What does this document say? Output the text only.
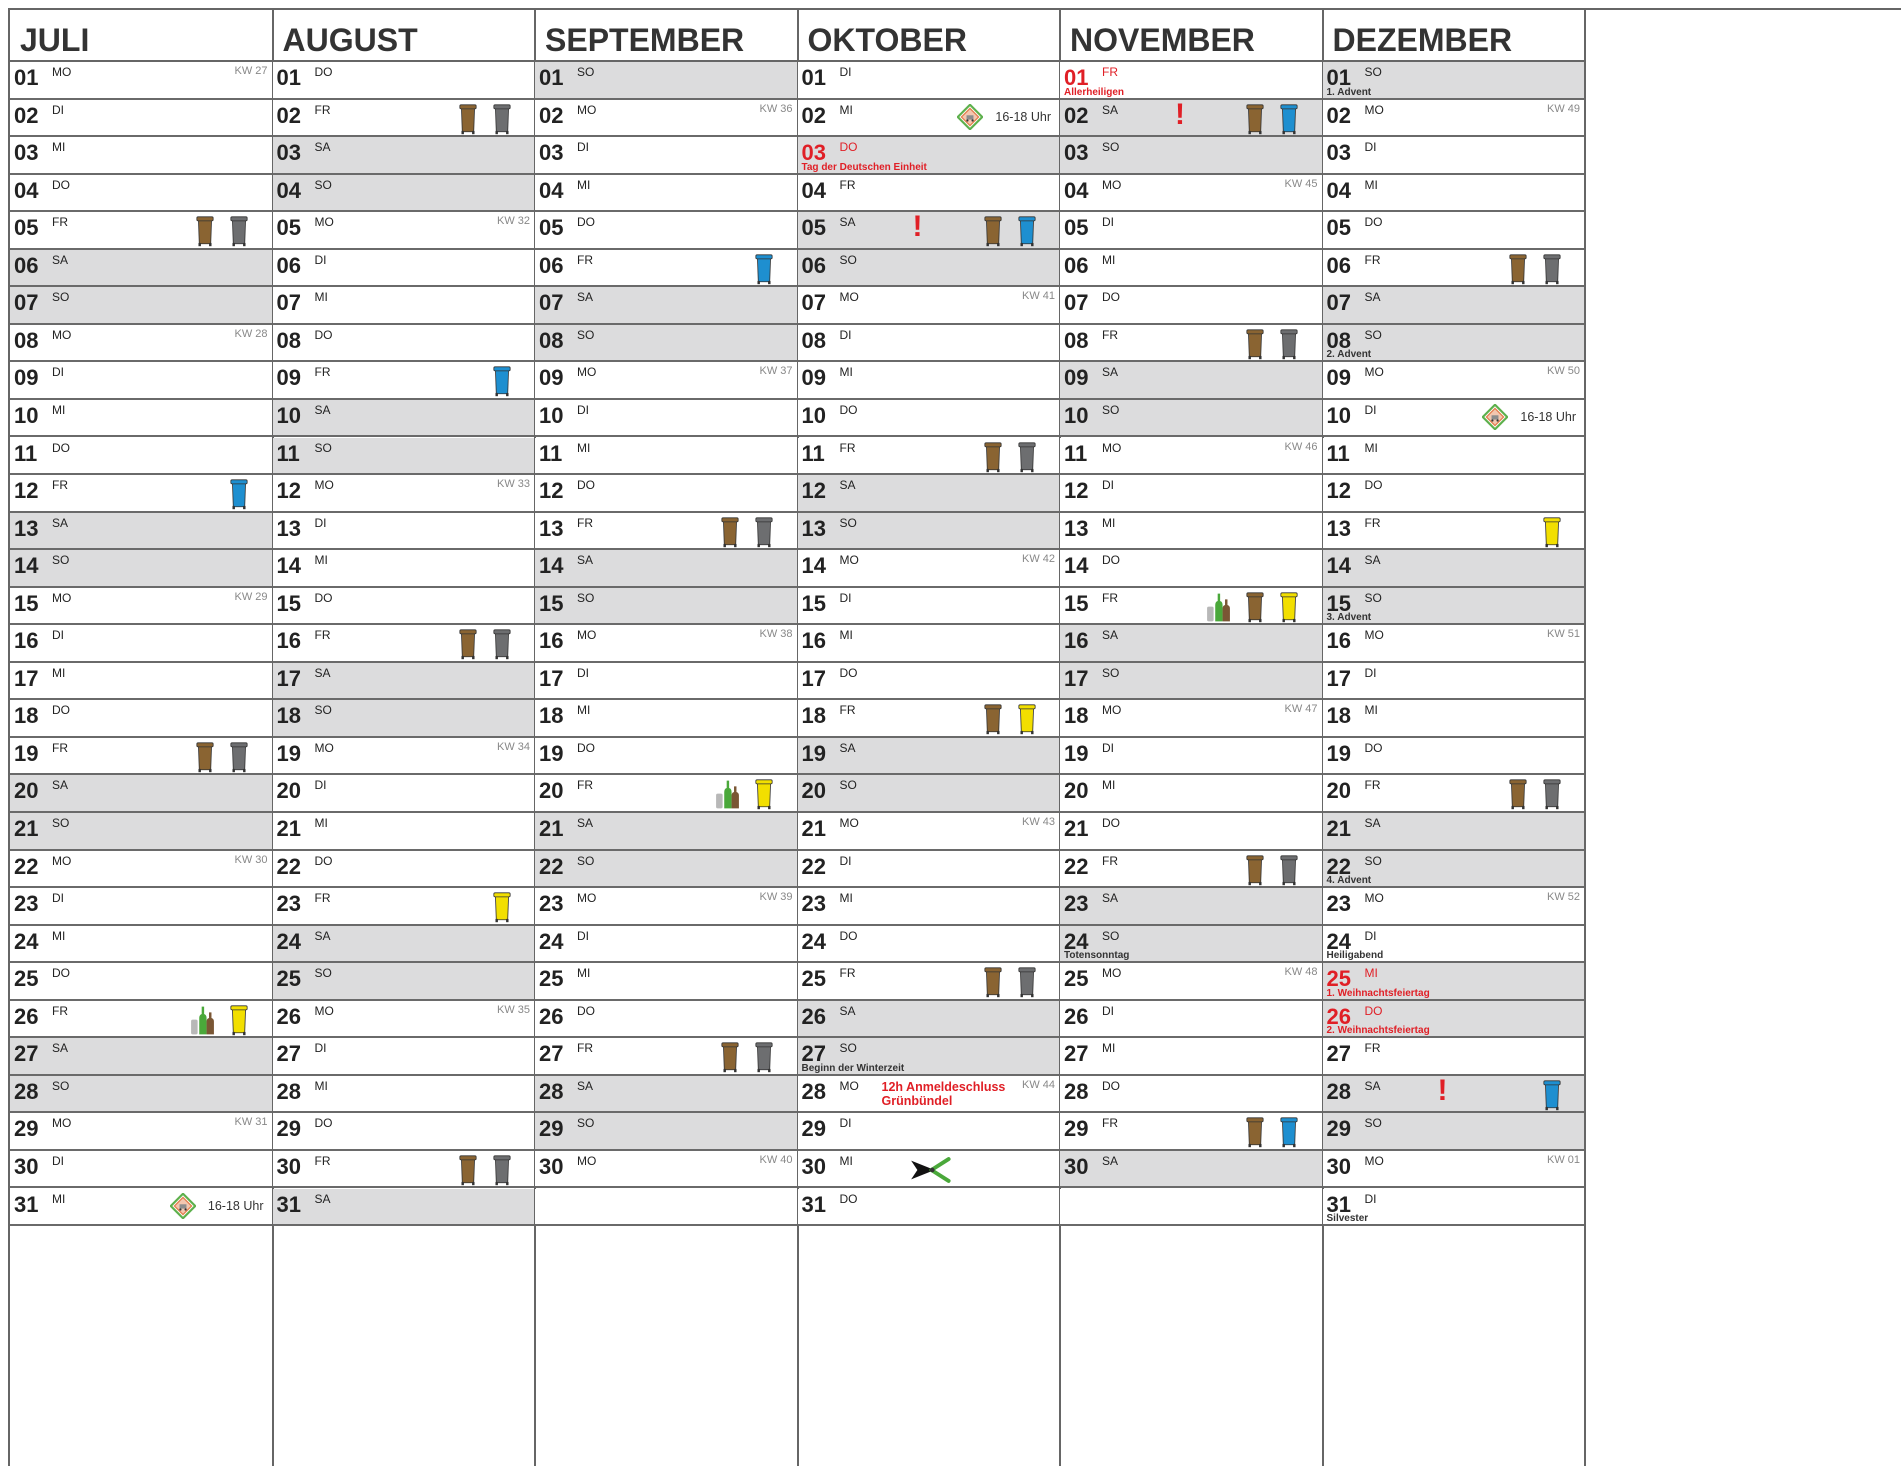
JULI
01 MO	KW 27
02 DI
03 MI
04 DO
05 FR
06 SA
07 SO
08 MO	KW 28
09 DI
10 MI
11 DO
12 FR
13 SA
14 SO
15 MO	KW 29
16 DI
17 MI
18 DO
19 FR
20 SA
21 SO
22 MO	KW 30
23 DI
24 MI
25 DO
26 FR
27 SA
28 SO
29 MO	KW 31
30 DI
31 MI	16-18 Uhr
AUGUST
01 DO
02 FR
03 SA
04 SO
05 MO	KW 32
06 DI
07 MI
08 DO
09 FR
10 SA
11 SO
12 MO	KW 33
13 DI
14 MI
15 DO
16 FR
17 SA
18 SO
19 MO	KW 34
20 DI
21 MI
22 DO
23 FR
24 SA
25 SO
26 MO	KW 35
27 DI
28 MI
29 DO
30 FR
31 SA
SEPTEMBER
01 SO
02 MO	KW 36
03 DI
04 MI
05 DO
06 FR
07 SA
08 SO
09 MO	KW 37
10 DI
11 MI
12 DO
13 FR
14 SA
15 SO
16 MO	KW 38
17 DI
18 MI
19 DO
20 FR
21 SA
22 SO
23 MO	KW 39
24 DI
25 MI
26 DO
27 FR
28 SA
29 SO
30 MO	KW 40
OKTOBER
01 DI
02 MI	16-18 Uhr
03 DO
Tag der Deutschen Einheit
04 FR
05 SA !
06 SO
07 MO	KW 41
08 DI
09 MI
10 DO
11 FR
12 SA
13 SO
14 MO	KW 42
15 DI
16 MI
17 DO
18 FR
19 SA
20 SO
21 MO	KW 43
22 DI
23 MI
24 DO
25 FR
26 SA
27 SO
Beginn der Winterzeit
28 MO	KW 44
12h Anmeldeschluss
Grünbündel
29 DI
30 MI
31 DO
NOVEMBER
01 FR
Allerheiligen
02 SA !
03 SO
04 MO	KW 45
05 DI
06 MI
07 DO
08 FR
09 SA
10 SO
11 MO	KW 46
12 DI
13 MI
14 DO
15 FR
16 SA
17 SO
18 MO	KW 47
19 DI
20 MI
21 DO
22 FR
23 SA
24 SO
Totensonntag
25 MO	KW 48
26 DI
27 MI
28 DO
29 FR
30 SA
DEZEMBER
01 SO
1. Advent
02 MO	KW 49
03 DI
04 MI
05 DO
06 FR
07 SA
08 SO
2. Advent
09 MO	KW 50
10 DI	16-18 Uhr
11 MI
12 DO
13 FR
14 SA
15 SO
3. Advent
16 MO	KW 51
17 DI
18 MI
19 DO
20 FR
21 SA
22 SO
4. Advent
23 MO	KW 52
24 DI
Heiligabend
25 MI
1. Weihnachtsfeiertag
26 DO
2. Weihnachtsfeiertag
27 FR
28 SA !
29 SO
30 MO	KW 01
31 DI
Silvester
